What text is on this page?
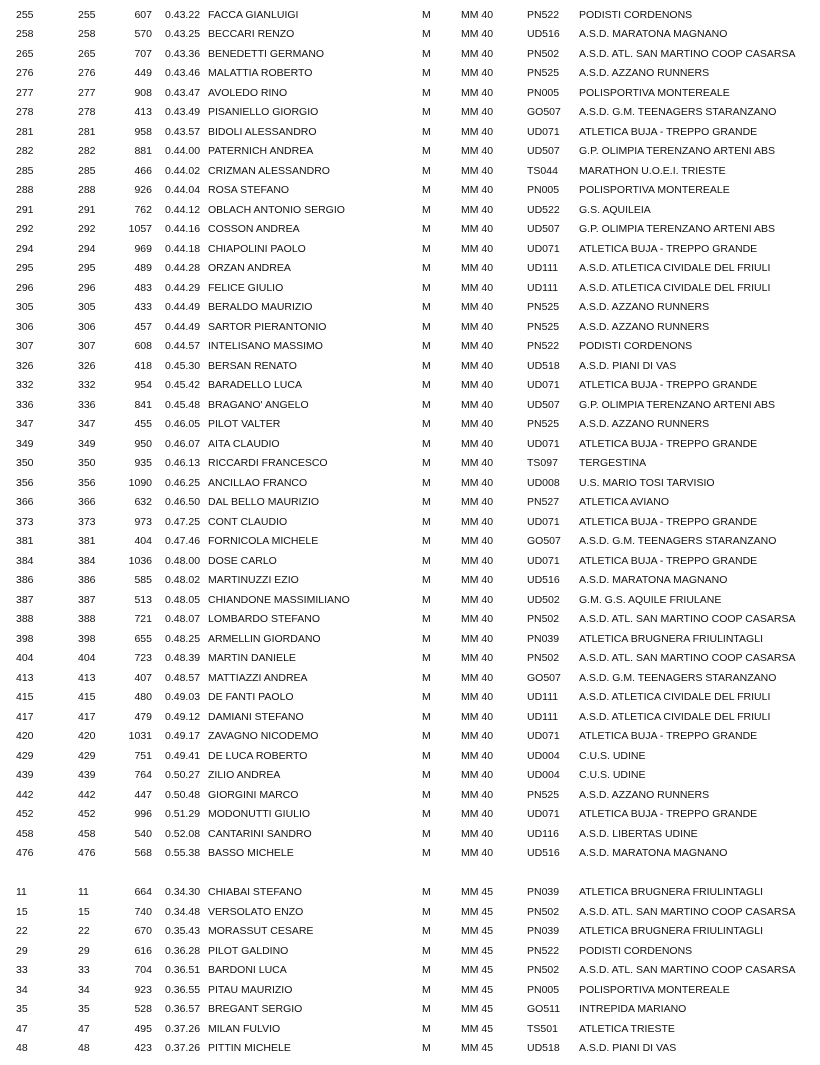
255	255	607 0.43.22 FACCA GIANLUIGI	M	MM 40	PN522 PODISTI CORDENONS
258	258	570 0.43.25 BECCARI RENZO	M	MM 40	UD516 A.S.D. MARATONA MAGNANO
265	265	707 0.43.36 BENEDETTI GERMANO	M	MM 40	PN502 A.S.D. ATL. SAN MARTINO COOP CASARSA
276	276	449 0.43.46 MALATTIA ROBERTO	M	MM 40	PN525 A.S.D. AZZANO RUNNERS
277	277	908 0.43.47 AVOLEDO RINO	M	MM 40	PN005 POLISPORTIVA MONTEREALE
278	278	413 0.43.49 PISANIELLO GIORGIO	M	MM 40	GO507 A.S.D. G.M. TEENAGERS STARANZANO
281	281	958 0.43.57 BIDOLI ALESSANDRO	M	MM 40	UD071 ATLETICA BUJA - TREPPO GRANDE
282	282	881 0.44.00 PATERNICH ANDREA	M	MM 40	UD507 G.P. OLIMPIA TERENZANO ARTENI ABS
285	285	466 0.44.02 CRIZMAN ALESSANDRO	M	MM 40	TS044 MARATHON U.O.E.I. TRIESTE
288	288	926 0.44.04 ROSA STEFANO	M	MM 40	PN005 POLISPORTIVA MONTEREALE
291	291	762 0.44.12 OBLACH ANTONIO SERGIO	M	MM 40	UD522 G.S. AQUILEIA
292	292	1057 0.44.16 COSSON ANDREA	M	MM 40	UD507 G.P. OLIMPIA TERENZANO ARTENI ABS
294	294	969 0.44.18 CHIAPOLINI PAOLO	M	MM 40	UD071 ATLETICA BUJA - TREPPO GRANDE
295	295	489 0.44.28 ORZAN ANDREA	M	MM 40	UD111 A.S.D. ATLETICA CIVIDALE DEL FRIULI
296	296	483 0.44.29 FELICE GIULIO	M	MM 40	UD111 A.S.D. ATLETICA CIVIDALE DEL FRIULI
305	305	433 0.44.49 BERALDO MAURIZIO	M	MM 40	PN525 A.S.D. AZZANO RUNNERS
306	306	457 0.44.49 SARTOR PIERANTONIO	M	MM 40	PN525 A.S.D. AZZANO RUNNERS
307	307	608 0.44.57 INTELISANO MASSIMO	M	MM 40	PN522 PODISTI CORDENONS
326	326	418 0.45.30 BERSAN RENATO	M	MM 40	UD518 A.S.D. PIANI DI VAS
332	332	954 0.45.42 BARADELLO LUCA	M	MM 40	UD071 ATLETICA BUJA - TREPPO GRANDE
336	336	841 0.45.48 BRAGANO' ANGELO	M	MM 40	UD507 G.P. OLIMPIA TERENZANO ARTENI ABS
347	347	455 0.46.05 PILOT VALTER	M	MM 40	PN525 A.S.D. AZZANO RUNNERS
349	349	950 0.46.07 AITA CLAUDIO	M	MM 40	UD071 ATLETICA BUJA - TREPPO GRANDE
350	350	935 0.46.13 RICCARDI FRANCESCO	M	MM 40	TS097 TERGESTINA
356	356	1090 0.46.25 ANCILLAO FRANCO	M	MM 40	UD008 U.S. MARIO TOSI TARVISIO
366	366	632 0.46.50 DAL BELLO MAURIZIO	M	MM 40	PN527 ATLETICA AVIANO
373	373	973 0.47.25 CONT CLAUDIO	M	MM 40	UD071 ATLETICA BUJA - TREPPO GRANDE
381	381	404 0.47.46 FORNICOLA MICHELE	M	MM 40	GO507 A.S.D. G.M. TEENAGERS STARANZANO
384	384	1036 0.48.00 DOSE CARLO	M	MM 40	UD071 ATLETICA BUJA - TREPPO GRANDE
386	386	585 0.48.02 MARTINUZZI EZIO	M	MM 40	UD516 A.S.D. MARATONA MAGNANO
387	387	513 0.48.05 CHIANDONE MASSIMILIANO	M	MM 40	UD502 G.M. G.S. AQUILE FRIULANE
388	388	721 0.48.07 LOMBARDO STEFANO	M	MM 40	PN502 A.S.D. ATL. SAN MARTINO COOP CASARSA
398	398	655 0.48.25 ARMELLIN GIORDANO	M	MM 40	PN039 ATLETICA BRUGNERA FRIULINTAGLI
404	404	723 0.48.39 MARTIN DANIELE	M	MM 40	PN502 A.S.D. ATL. SAN MARTINO COOP CASARSA
413	413	407 0.48.57 MATTIAZZI ANDREA	M	MM 40	GO507 A.S.D. G.M. TEENAGERS STARANZANO
415	415	480 0.49.03 DE FANTI PAOLO	M	MM 40	UD111 A.S.D. ATLETICA CIVIDALE DEL FRIULI
417	417	479 0.49.12 DAMIANI STEFANO	M	MM 40	UD111 A.S.D. ATLETICA CIVIDALE DEL FRIULI
420	420	1031 0.49.17 ZAVAGNO NICODEMO	M	MM 40	UD071 ATLETICA BUJA - TREPPO GRANDE
429	429	751 0.49.41 DE LUCA ROBERTO	M	MM 40	UD004 C.U.S. UDINE
439	439	764 0.50.27 ZILIO ANDREA	M	MM 40	UD004 C.U.S. UDINE
442	442	447 0.50.48 GIORGINI MARCO	M	MM 40	PN525 A.S.D. AZZANO RUNNERS
452	452	996 0.51.29 MODONUTTI GIULIO	M	MM 40	UD071 ATLETICA BUJA - TREPPO GRANDE
458	458	540 0.52.08 CANTARINI SANDRO	M	MM 40	UD116 A.S.D. LIBERTAS UDINE
476	476	568 0.55.38 BASSO MICHELE	M	MM 40	UD516 A.S.D. MARATONA MAGNANO
11	11	664 0.34.30 CHIABAI STEFANO	M	MM 45	PN039 ATLETICA BRUGNERA FRIULINTAGLI
15	15	740 0.34.48 VERSOLATO ENZO	M	MM 45	PN502 A.S.D. ATL. SAN MARTINO COOP CASARSA
22	22	670 0.35.43 MORASSUT CESARE	M	MM 45	PN039 ATLETICA BRUGNERA FRIULINTAGLI
29	29	616 0.36.28 PILOT GALDINO	M	MM 45	PN522 PODISTI CORDENONS
33	33	704 0.36.51 BARDONI LUCA	M	MM 45	PN502 A.S.D. ATL. SAN MARTINO COOP CASARSA
34	34	923 0.36.55 PITAU MAURIZIO	M	MM 45	PN005 POLISPORTIVA MONTEREALE
35	35	528 0.36.57 BREGANT SERGIO	M	MM 45	GO511 INTREPIDA MARIANO
47	47	495 0.37.26 MILAN FULVIO	M	MM 45	TS501 ATLETICA TRIESTE
48	48	423 0.37.26 PITTIN MICHELE	M	MM 45	UD518 A.S.D. PIANI DI VAS
